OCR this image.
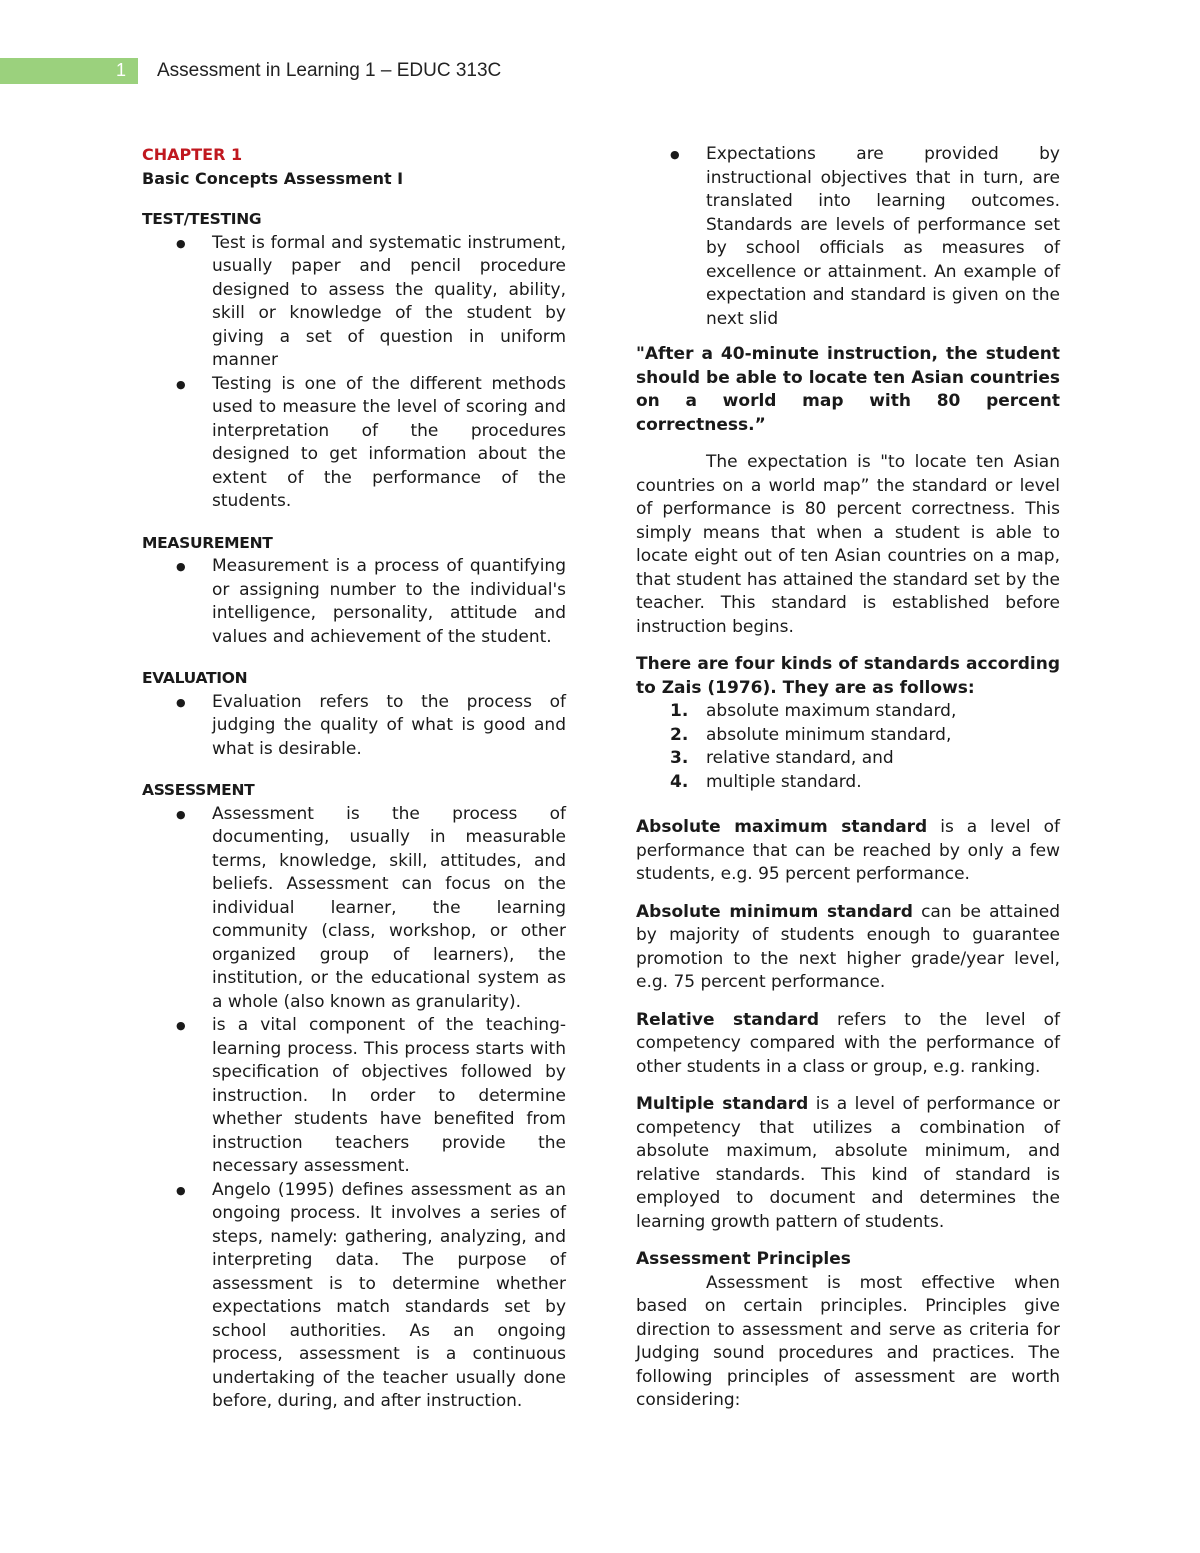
1	Assessment in Learning 1 – EDUC 313C
CHAPTER 1
Basic Concepts Assessment I
TEST/TESTING
● Test is formal and systematic instrument, usually paper and pencil procedure designed to assess the quality, ability, skill or knowledge of the student by giving a set of question in uniform manner
● Testing is one of the different methods used to measure the level of scoring and interpretation of the procedures designed to get information about the extent of the performance of the students.
MEASUREMENT
● Measurement is a process of quantifying or assigning number to the individual's intelligence, personality, attitude and values and achievement of the student.
EVALUATION
● Evaluation refers to the process of judging the quality of what is good and what is desirable.
ASSESSMENT
● Assessment is the process of documenting, usually in measurable terms, knowledge, skill, attitudes, and beliefs. Assessment can focus on the individual learner, the learning community (class, workshop, or other organized group of learners), the institution, or the educational system as a whole (also known as granularity).
● is a vital component of the teaching-learning process. This process starts with specification of objectives followed by instruction. In order to determine whether students have benefited from instruction teachers provide the necessary assessment.
● Angelo (1995) defines assessment as an ongoing process. It involves a series of steps, namely: gathering, analyzing, and interpreting data. The purpose of assessment is to determine whether expectations match standards set by school authorities. As an ongoing process, assessment is a continuous undertaking of the teacher usually done before, during, and after instruction.
● Expectations are provided by instructional objectives that in turn, are translated into learning outcomes. Standards are levels of performance set by school officials as measures of excellence or attainment. An example of expectation and standard is given on the next slid

"After a 40-minute instruction, the student should be able to locate ten Asian countries on a world map with 80 percent correctness.”

The expectation is "to locate ten Asian countries on a world map” the standard or level of performance is 80 percent correctness. This simply means that when a student is able to locate eight out of ten Asian countries on a map, that student has attained the standard set by the teacher. This standard is established before instruction begins.

There are four kinds of standards according to Zais (1976). They are as follows:

1. absolute maximum standard,
2. absolute minimum standard,
3. relative standard, and
4. multiple standard.

Absolute maximum standard is a level of performance that can be reached by only a few students, e.g. 95 percent performance.

Absolute minimum standard can be attained by majority of students enough to guarantee promotion to the next higher grade/year level, e.g. 75 percent performance.

Relative standard refers to the level of competency compared with the performance of other students in a class or group, e.g. ranking.

Multiple standard is a level of performance or competency that utilizes a combination of absolute maximum, absolute minimum, and relative standards. This kind of standard is employed to document and determines the learning growth pattern of students.

Assessment Principles

Assessment is most effective when based on certain principles. Principles give direction to assessment and serve as criteria for Judging sound procedures and practices. The following principles of assessment are worth considering:
